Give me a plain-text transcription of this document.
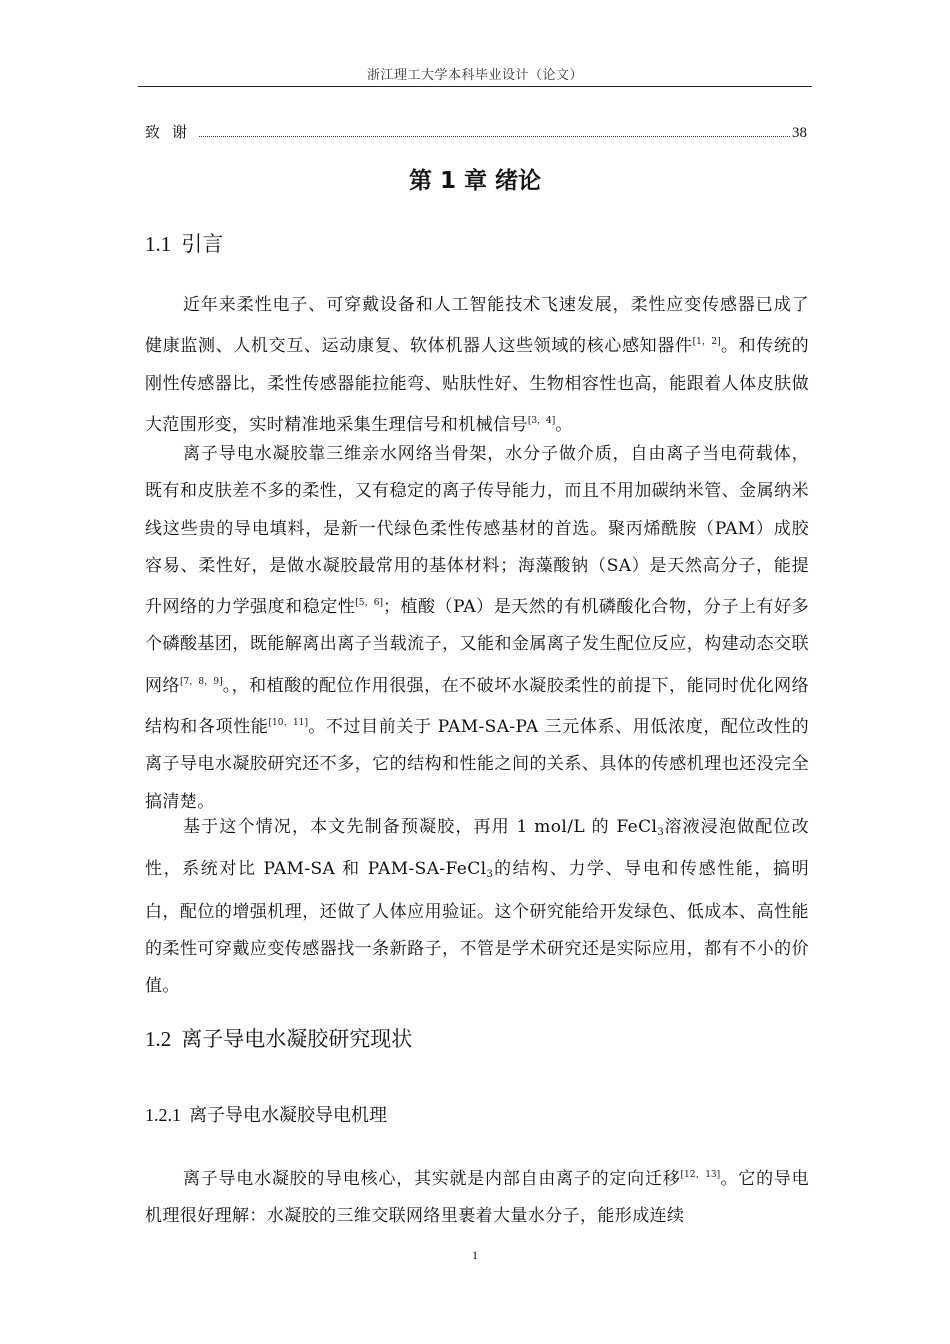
浙江理工大学本科毕业设计（论文）
致谢	38
第 1 章 绪论
1.1 引言
近年来柔性电子、可穿戴设备和人工智能技术飞速发展，柔性应变传感器已成了健康监测、人机交互、运动康复、软体机器人这些领域的核心感知器件[1，2]。和传统的刚性传感器比，柔性传感器能拉能弯、贴肤性好、生物相容性也高，能跟着人体皮肤做大范围形变，实时精准地采集生理信号和机械信号[3，4]。
离子导电水凝胶靠三维亲水网络当骨架，水分子做介质，自由离子当电荷载体，既有和皮肤差不多的柔性，又有稳定的离子传导能力，而且不用加碳纳米管、金属纳米线这些贵的导电填料，是新一代绿色柔性传感基材的首选。聚丙烯酰胺（PAM）成胶容易、柔性好，是做水凝胶最常用的基体材料；海藻酸钠（SA）是天然高分子，能提升网络的力学强度和稳定性[5，6]；植酸（PA）是天然的有机磷酸化合物，分子上有好多个磷酸基团，既能解离出离子当载流子，又能和金属离子发生配位反应，构建动态交联网络[7，8，9]。，和植酸的配位作用很强，在不破坏水凝胶柔性的前提下，能同时优化网络结构和各项性能[10，11]。不过目前关于 PAM-SA-PA 三元体系、用低浓度，配位改性的离子导电水凝胶研究还不多，它的结构和性能之间的关系、具体的传感机理也还没完全搞清楚。
基于这个情况，本文先制备预凝胶，再用 1 mol/L 的 FeCl$_3$溶液浸泡做配位改性，系统对比 PAM-SA 和 PAM-SA-FeCl$_3$的结构、力学、导电和传感性能，搞明白，配位的增强机理，还做了人体应用验证。这个研究能给开发绿色、低成本、高性能的柔性可穿戴应变传感器找一条新路子，不管是学术研究还是实际应用，都有不小的价值。
1.2 离子导电水凝胶研究现状
1.2.1 离子导电水凝胶导电机理
离子导电水凝胶的导电核心，其实就是内部自由离子的定向迁移[12，13]。它的导电机理很好理解：水凝胶的三维交联网络里裹着大量水分子，能形成连续
1
